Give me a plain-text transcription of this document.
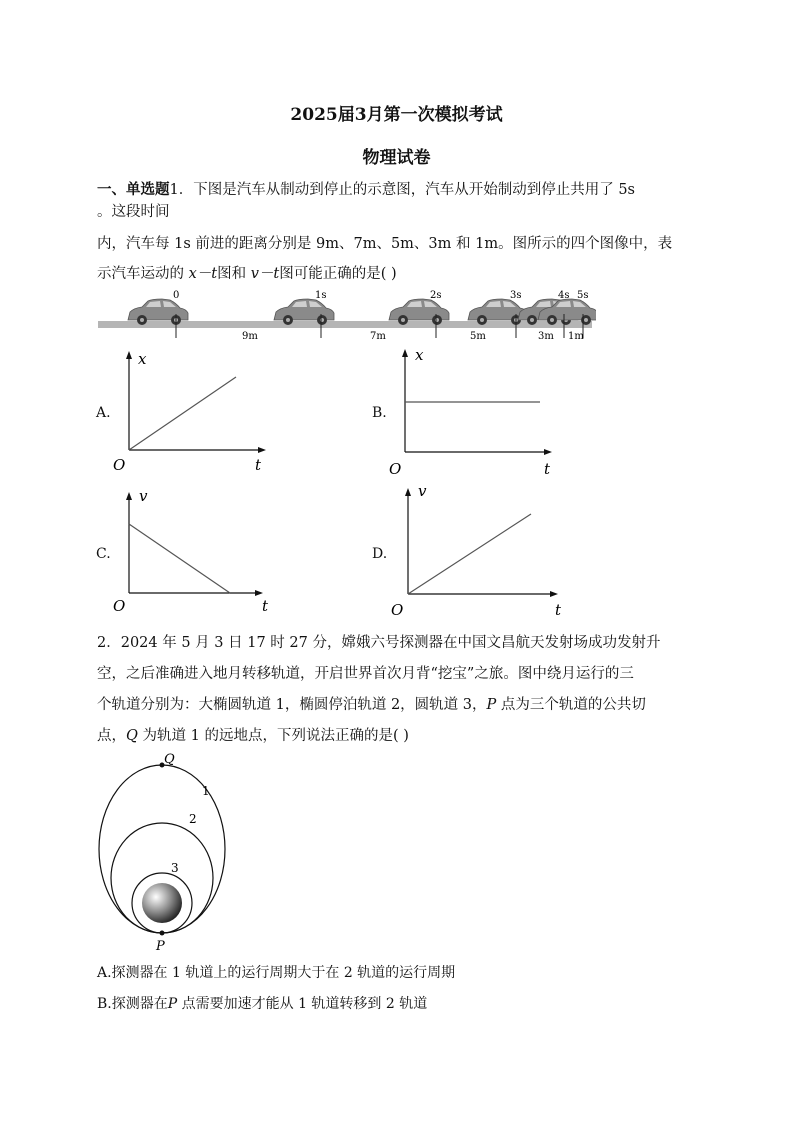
2025届3月第一次模拟考试
物理试卷
一、单选题1．下图是汽车从制动到停止的示意图，汽车从开始制动到停止共用了 5s
。这段时间
内，汽车每 1s 前进的距离分别是 9m、7m、5m、3m 和 1m。图所示的四个图像中，表
示汽车运动的 x－t图和 v－t图可能正确的是( )
0	1s	2s	3s	4s 5s
9m	7m	5m	3m 1m
A.
x
t
O
B.
x
t
O
C.
v
t
O
D.
v
t
O
2．2024 年 5 月 3 日 17 时 27 分，嫦娥六号探测器在中国文昌航天发射场成功发射升
空，之后准确进入地月转移轨道，开启世界首次月背“挖宝”之旅。图中绕月运行的三
个轨道分别为：大椭圆轨道 1，椭圆停泊轨道 2，圆轨道 3，P 点为三个轨道的公共切
点，Q 为轨道 1 的远地点，下列说法正确的是( )
Q
P
1
2
3
A.探测器在 1 轨道上的运行周期大于在 2 轨道的运行周期
B.探测器在P 点需要加速才能从 1 轨道转移到 2 轨道
